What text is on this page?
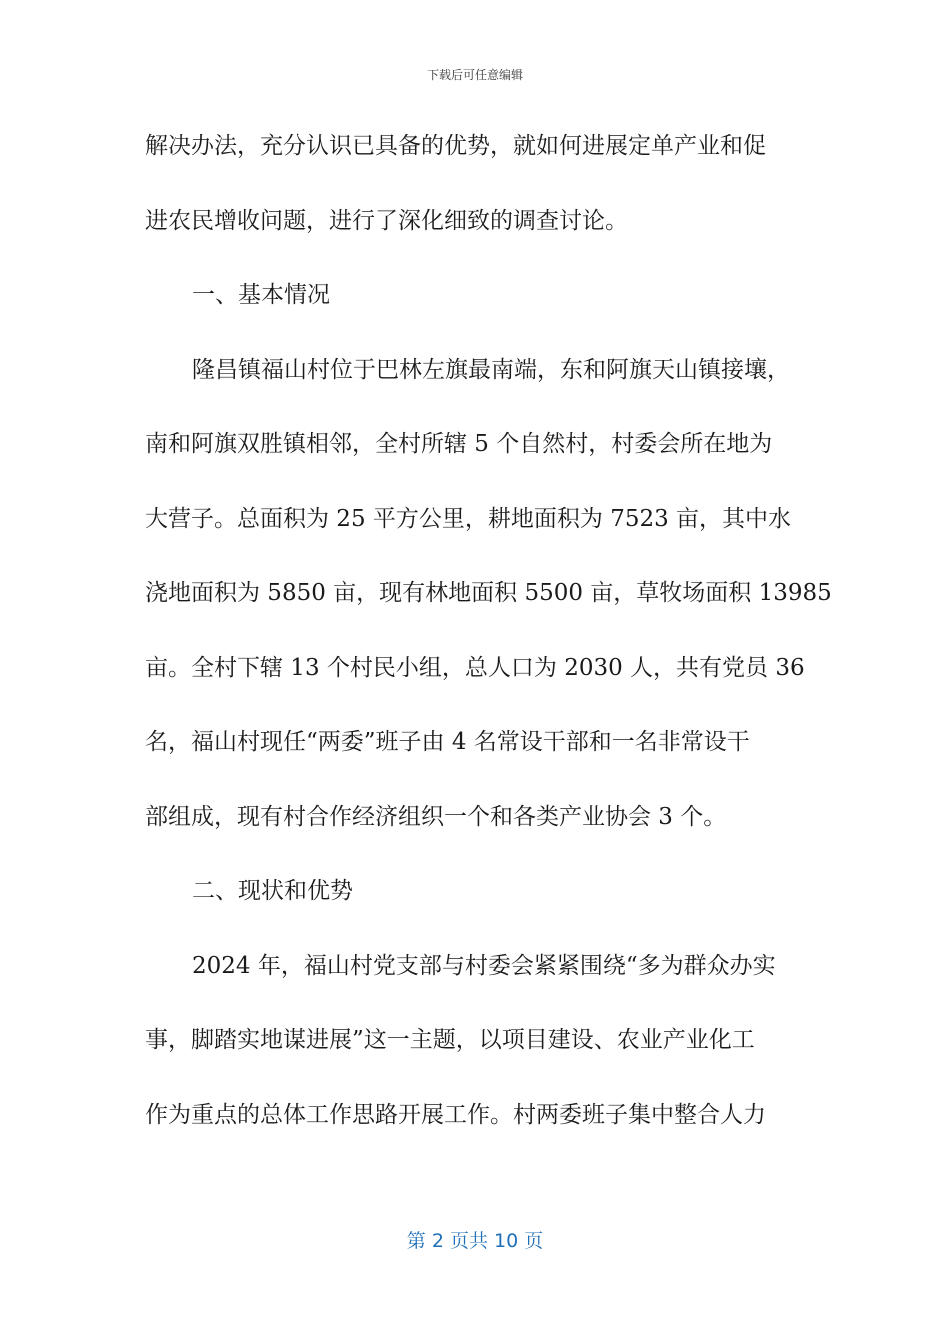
下载后可任意编辑
解决办法，充分认识已具备的优势，就如何进展定单产业和促
进农民增收问题，进行了深化细致的调查讨论。
一、基本情况
隆昌镇福山村位于巴林左旗最南端，东和阿旗天山镇接壤，
南和阿旗双胜镇相邻，全村所辖 5 个自然村，村委会所在地为
大营子。总面积为 25 平方公里，耕地面积为 7523 亩，其中水
浇地面积为 5850 亩，现有林地面积 5500 亩，草牧场面积 13985
亩。全村下辖 13 个村民小组，总人口为 2030 人，共有党员 36
名，福山村现任“两委”班子由 4 名常设干部和一名非常设干
部组成，现有村合作经济组织一个和各类产业协会 3 个。
二、现状和优势
2024 年，福山村党支部与村委会紧紧围绕“多为群众办实
事，脚踏实地谋进展”这一主题，以项目建设、农业产业化工
作为重点的总体工作思路开展工作。村两委班子集中整合人力
第 2 页共 10 页
